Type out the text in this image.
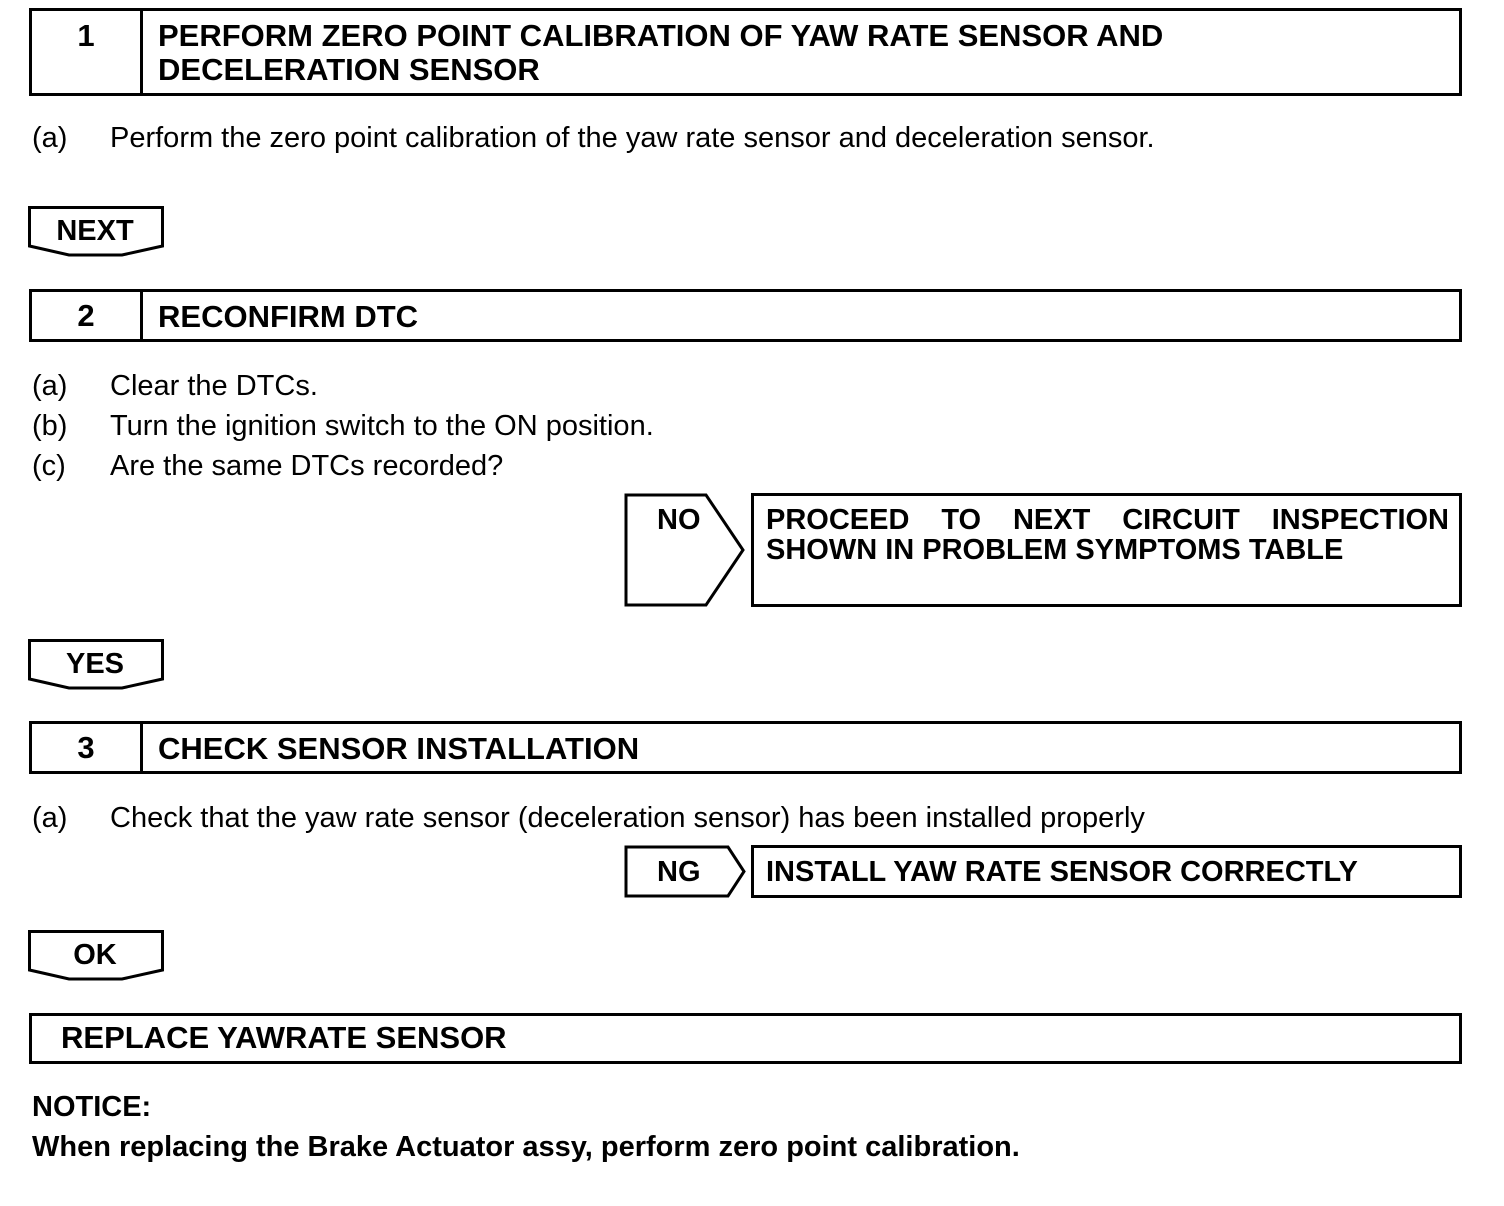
1	PERFORM ZERO POINT CALIBRATION OF YAW RATE SENSOR AND
DECELERATION SENSOR
(a) Perform the zero point calibration of the yaw rate sensor and deceleration sensor.
NEXT
2	RECONFIRM DTC
(a) Clear the DTCs.
(b) Turn the ignition switch to the ON position.
(c) Are the same DTCs recorded?
NO PROCEED TO NEXT CIRCUIT INSPECTION
SHOWN IN PROBLEM SYMPTOMS TABLE
YES
3	CHECK SENSOR INSTALLATION
(a) Check that the yaw rate sensor (deceleration sensor) has been installed properly
NG INSTALL YAW RATE SENSOR CORRECTLY
OK
REPLACE YAWRATE SENSOR
NOTICE:
When replacing the Brake Actuator assy, perform zero point calibration.
